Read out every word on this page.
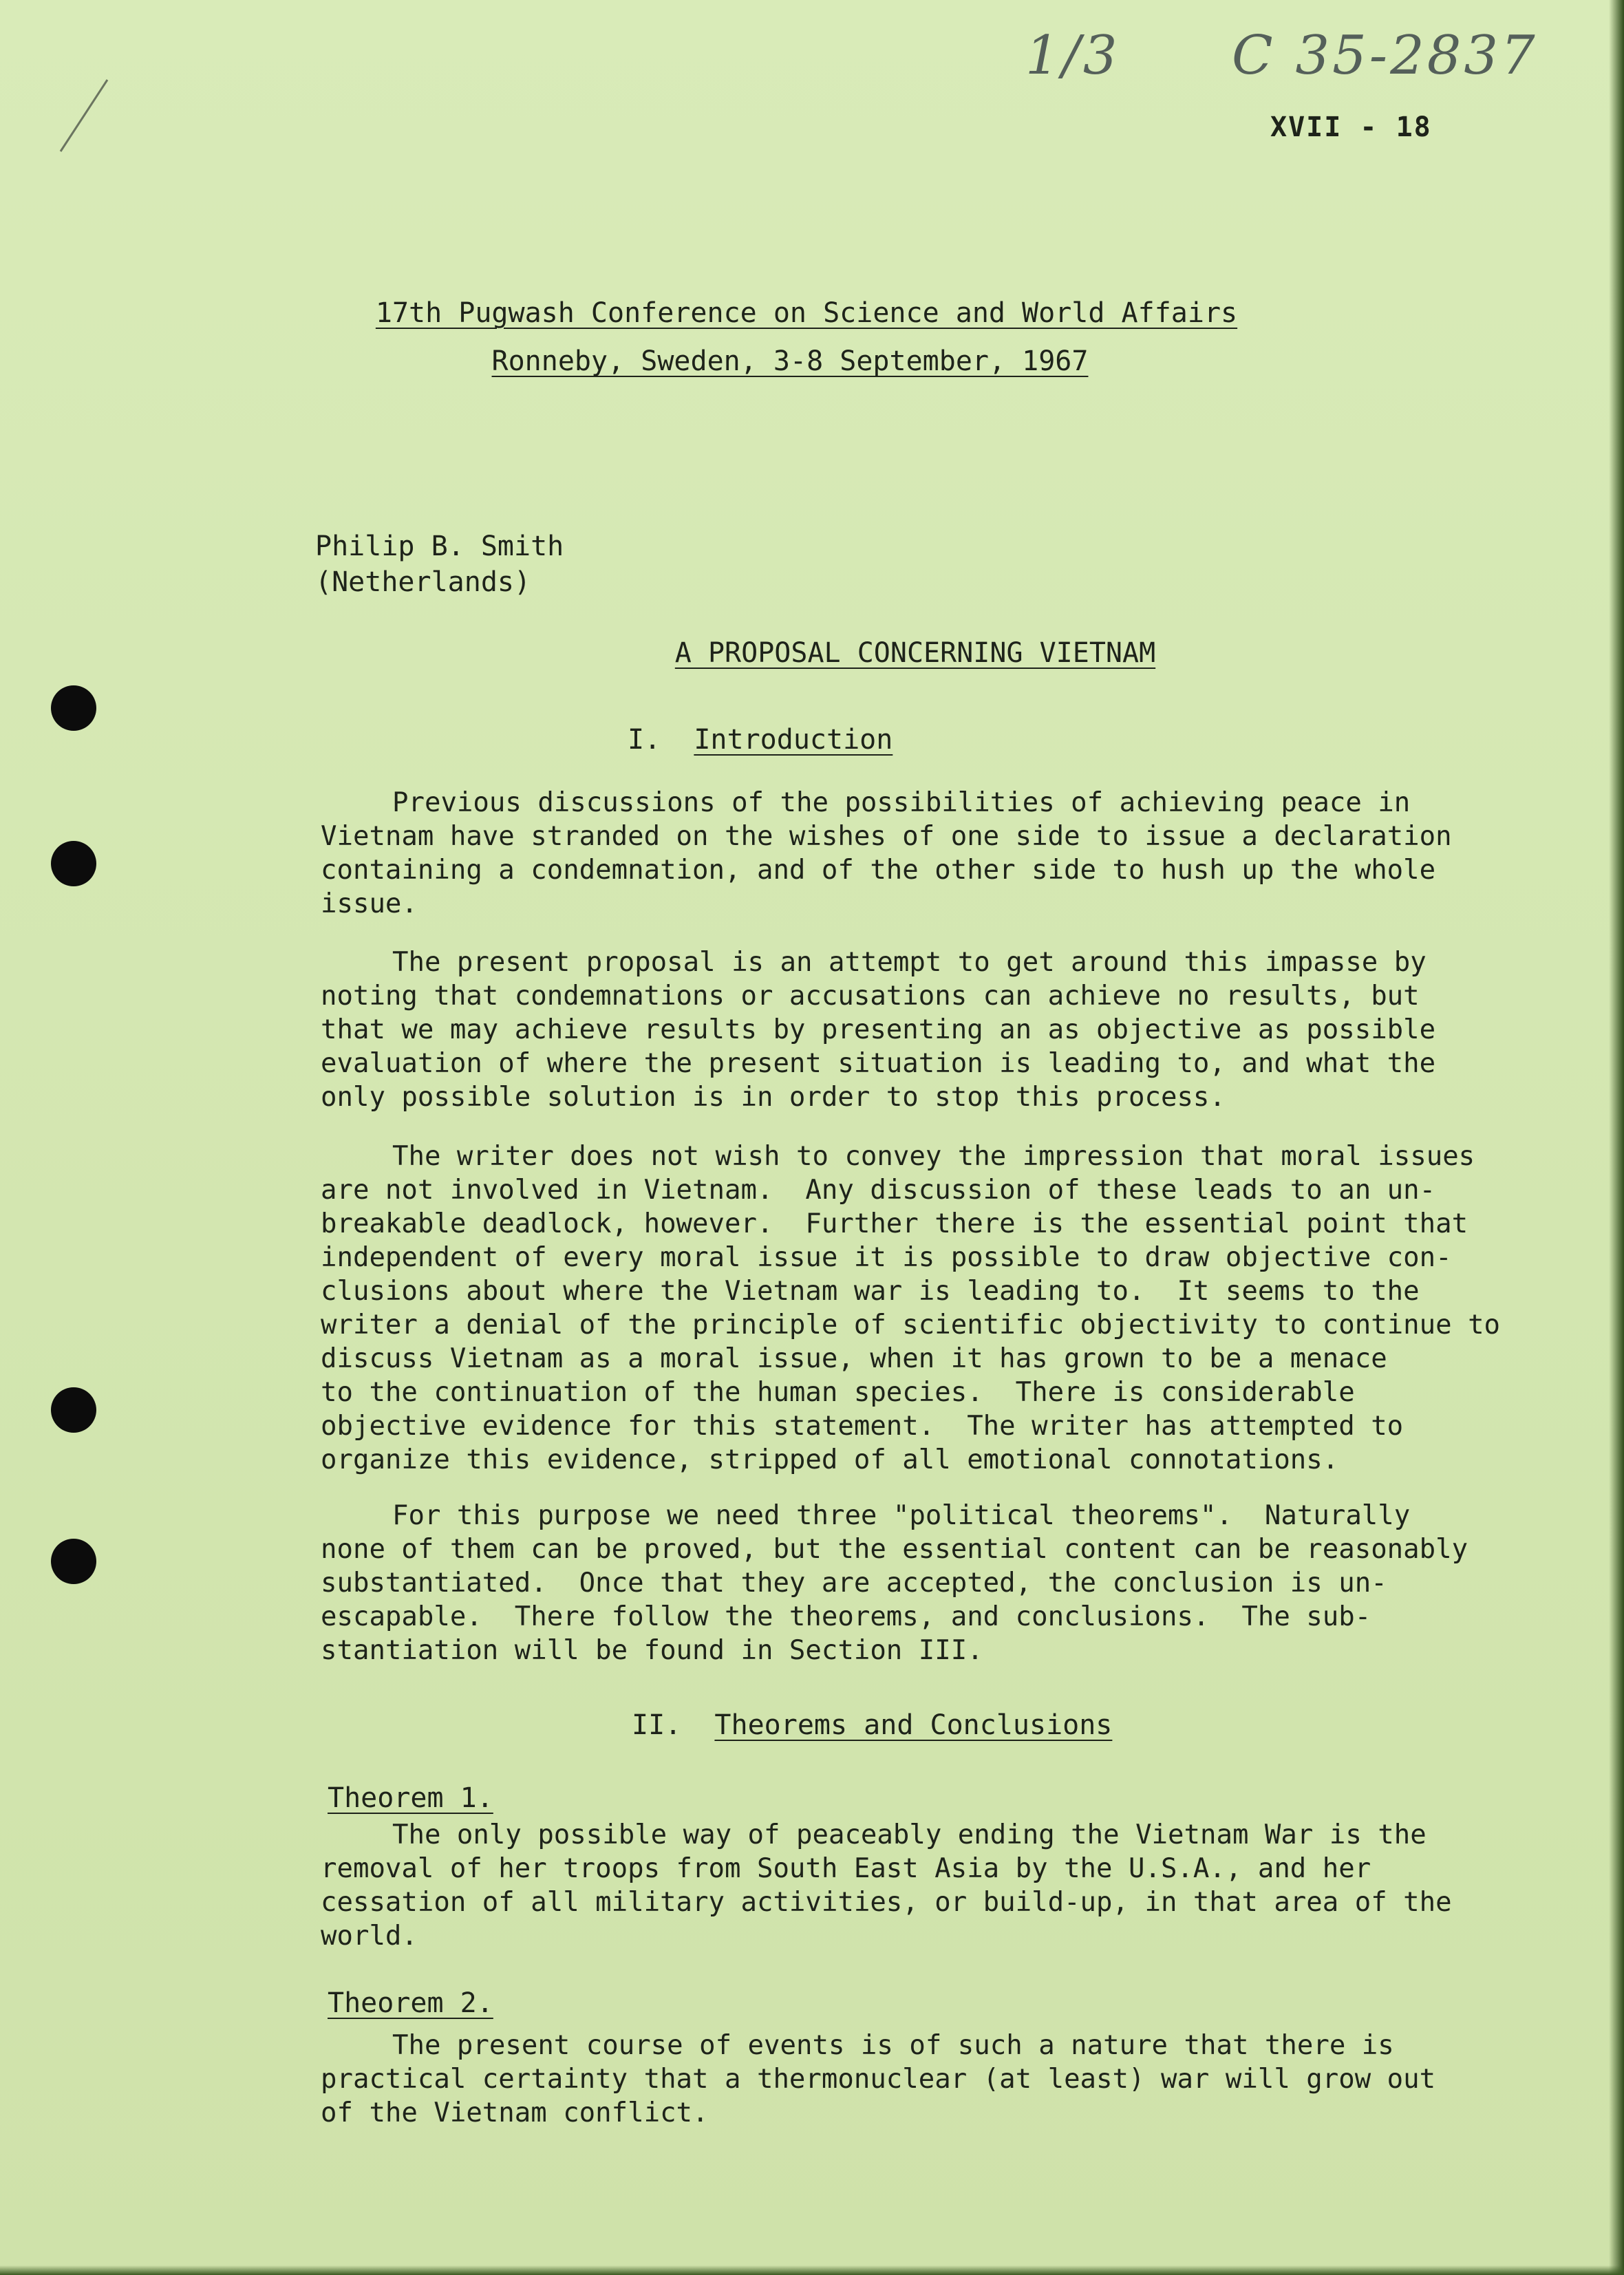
1/3 C 35-2837
XVII - 18
17th Pugwash Conference on Science and World Affairs
Ronneby, Sweden, 3-8 September, 1967
Philip B. Smith
(Netherlands)
A PROPOSAL CONCERNING VIETNAM
I. Introduction
Previous discussions of the possibilities of achieving peace in
Vietnam have stranded on the wishes of one side to issue a declaration
containing a condemnation, and of the other side to hush up the whole
issue.
The present proposal is an attempt to get around this impasse by
noting that condemnations or accusations can achieve no results, but
that we may achieve results by presenting an as objective as possible
evaluation of where the present situation is leading to, and what the
only possible solution is in order to stop this process.
The writer does not wish to convey the impression that moral issues
are not involved in Vietnam.  Any discussion of these leads to an un-
breakable deadlock, however.  Further there is the essential point that
independent of every moral issue it is possible to draw objective con-
clusions about where the Vietnam war is leading to.  It seems to the
writer a denial of the principle of scientific objectivity to continue to
discuss Vietnam as a moral issue, when it has grown to be a menace
to the continuation of the human species.  There is considerable
objective evidence for this statement.  The writer has attempted to
organize this evidence, stripped of all emotional connotations.
For this purpose we need three "political theorems".  Naturally
none of them can be proved, but the essential content can be reasonably
substantiated.  Once that they are accepted, the conclusion is un-
escapable.  There follow the theorems, and conclusions.  The sub-
stantiation will be found in Section III.
II. Theorems and Conclusions
Theorem 1.
The only possible way of peaceably ending the Vietnam War is the
removal of her troops from South East Asia by the U.S.A., and her
cessation of all military activities, or build-up, in that area of the
world.
Theorem 2.
The present course of events is of such a nature that there is
practical certainty that a thermonuclear (at least) war will grow out
of the Vietnam conflict.
